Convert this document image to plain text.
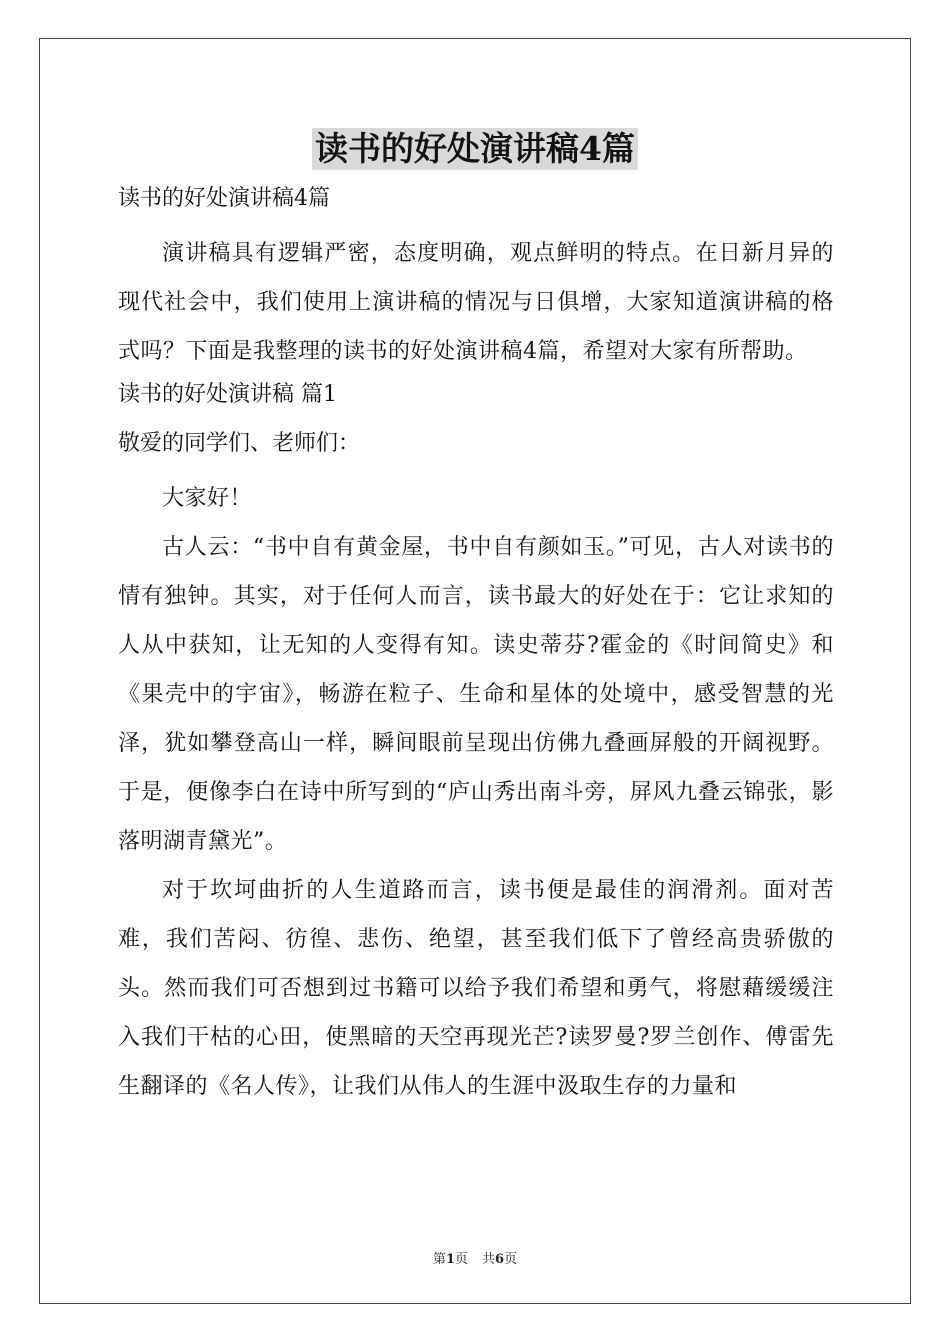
读书的好处演讲稿4篇

读书的好处演讲稿4篇

演讲稿具有逻辑严密，态度明确，观点鲜明的特点。在日新月异的现代社会中，我们使用上演讲稿的情况与日俱增，大家知道演讲稿的格式吗？下面是我整理的读书的好处演讲稿4篇，希望对大家有所帮助。

读书的好处演讲稿 篇1

敬爱的同学们、老师们：

大家好！

古人云：“书中自有黄金屋，书中自有颜如玉。”可见，古人对读书的情有独钟。其实，对于任何人而言，读书最大的好处在于：它让求知的人从中获知，让无知的人变得有知。读史蒂芬?霍金的《时间简史》和《果壳中的宇宙》，畅游在粒子、生命和星体的处境中，感受智慧的光泽，犹如攀登高山一样，瞬间眼前呈现出仿佛九叠画屏般的开阔视野。于是，便像李白在诗中所写到的“庐山秀出南斗旁，屏风九叠云锦张，影落明湖青黛光”。

对于坎坷曲折的人生道路而言，读书便是最佳的润滑剂。面对苦难，我们苦闷、彷徨、悲伤、绝望，甚至我们低下了曾经高贵骄傲的头。然而我们可否想到过书籍可以给予我们希望和勇气，将慰藉缓缓注入我们干枯的心田，使黑暗的天空再现光芒?读罗曼?罗兰创作、傅雷先生翻译的《名人传》，让我们从伟人的生涯中汲取生存的力量和

第1页 共6页
